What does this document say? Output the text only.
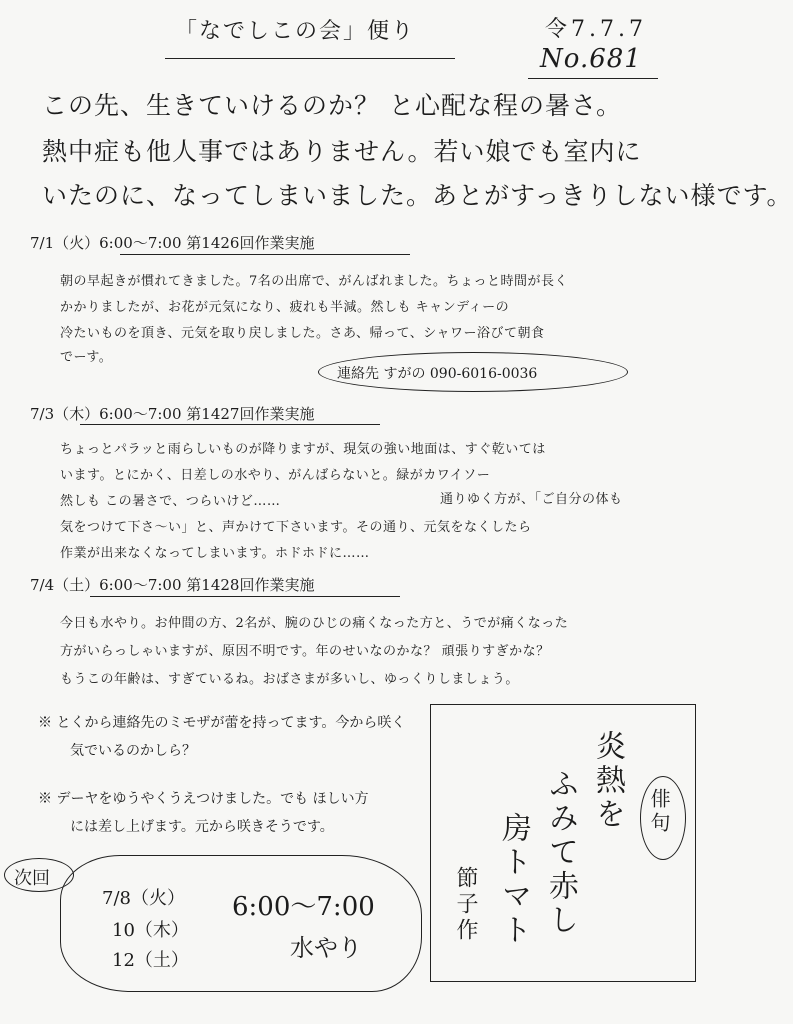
「なでしこの会」便り	令7.7.7
No.681
この先、生きていけるのか？ と心配な程の暑さ。
熱中症も他人事ではありません。若い娘でも室内に
いたのに、なってしまいました。あとがすっきりしない様です。
7/1（火）6:00〜7:00 第1426回作業実施
朝の早起きが慣れてきました。7名の出席で、がんばれました。ちょっと時間が長く
かかりましたが、お花が元気になり、疲れも半減。然しも キャンディーの
冷たいものを頂き、元気を取り戻しました。さあ、帰って、シャワー浴びて朝食
でーす。
連絡先 すがの 090-6016-0036
7/3（木）6:00〜7:00 第1427回作業実施
ちょっとパラッと雨らしいものが降りますが、現気の強い地面は、すぐ乾いては
います。とにかく、日差しの水やり、がんばらないと。緑がカワイソー
然しも この暑さで、つらいけど……	通りゆく方が、「ご自分の体も
気をつけて下さ〜い」と、声かけて下さいます。その通り、元気をなくしたら
作業が出来なくなってしまいます。ホドホドに……
7/4（土）6:00〜7:00 第1428回作業実施
今日も水やり。お仲間の方、2名が、腕のひじの痛くなった方と、うでが痛くなった
方がいらっしゃいますが、原因不明です。年のせいなのかな？ 頑張りすぎかな？
もうこの年齢は、すぎているね。おばさまが多いし、ゆっくりしましょう。
※ とくから連絡先のミモザが蕾を持ってます。今から咲く
気でいるのかしら？
※ デーヤをゆうやくうえつけました。でも ほしい方
には差し上げます。元から咲きそうです。	俳句
炎熱を
ふみて赤し
房トマト
節子作
次回
7/8（火）
10（木）
12（土）
6:00〜7:00
水やり
